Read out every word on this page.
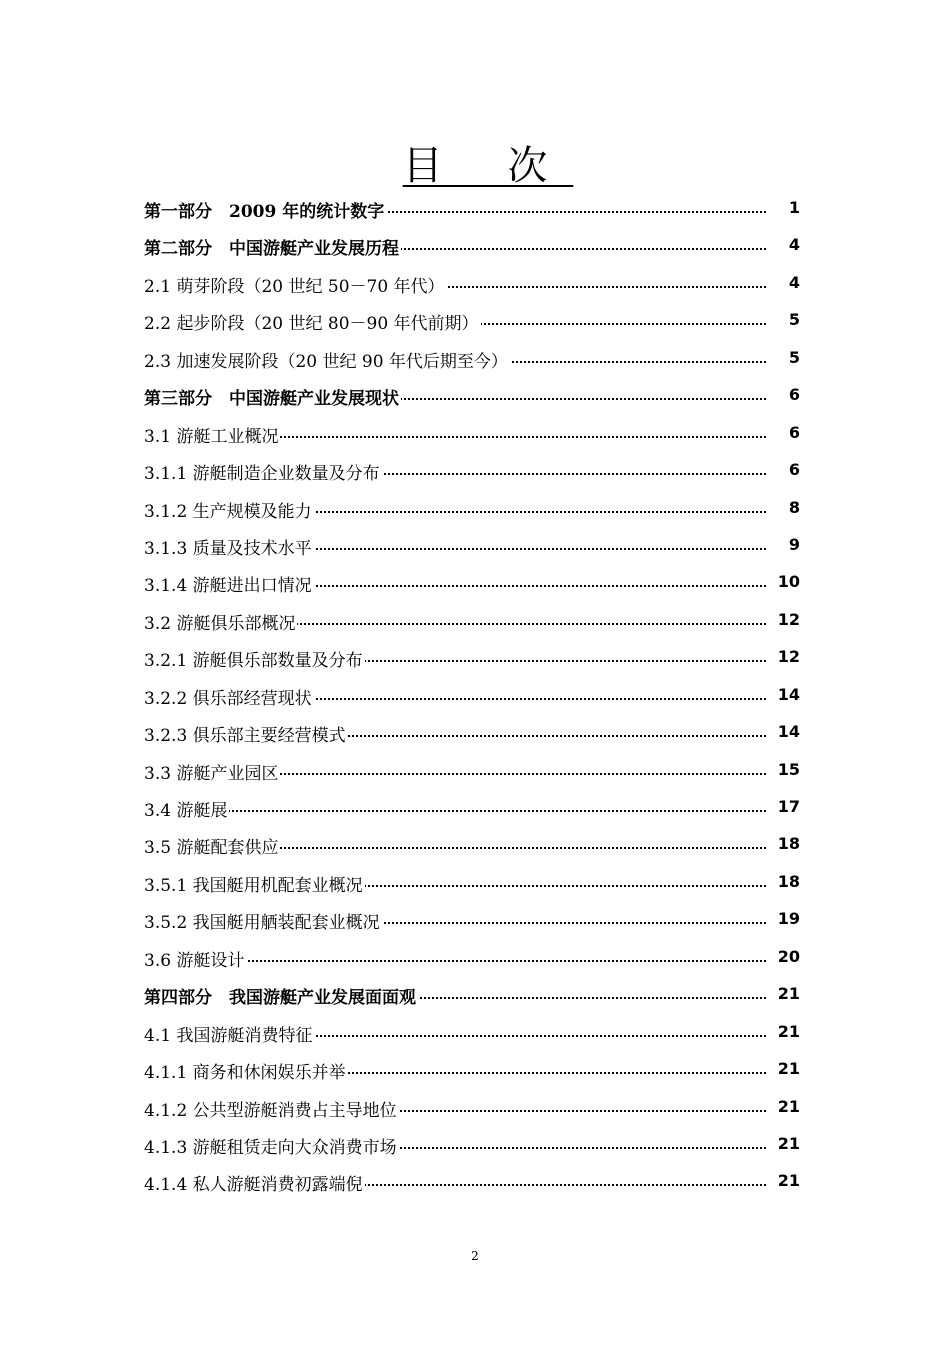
目 次
第一部分　2009 年的统计数字	1
第二部分　中国游艇产业发展历程	4
2.1 萌芽阶段（20 世纪 50－70 年代）	4
2.2 起步阶段（20 世纪 80－90 年代前期）	5
2.3 加速发展阶段（20 世纪 90 年代后期至今）	5
第三部分　中国游艇产业发展现状	6
3.1 游艇工业概况	6
3.1.1 游艇制造企业数量及分布	6
3.1.2 生产规模及能力	8
3.1.3 质量及技术水平	9
3.1.4 游艇进出口情况	10
3.2 游艇俱乐部概况	12
3.2.1 游艇俱乐部数量及分布	12
3.2.2 俱乐部经营现状	14
3.2.3 俱乐部主要经营模式	14
3.3 游艇产业园区	15
3.4 游艇展	17
3.5 游艇配套供应	18
3.5.1 我国艇用机配套业概况	18
3.5.2 我国艇用舾装配套业概况	19
3.6 游艇设计	20
第四部分　我国游艇产业发展面面观	21
4.1 我国游艇消费特征	21
4.1.1 商务和休闲娱乐并举	21
4.1.2 公共型游艇消费占主导地位	21
4.1.3 游艇租赁走向大众消费市场	21
4.1.4 私人游艇消费初露端倪	21
2
